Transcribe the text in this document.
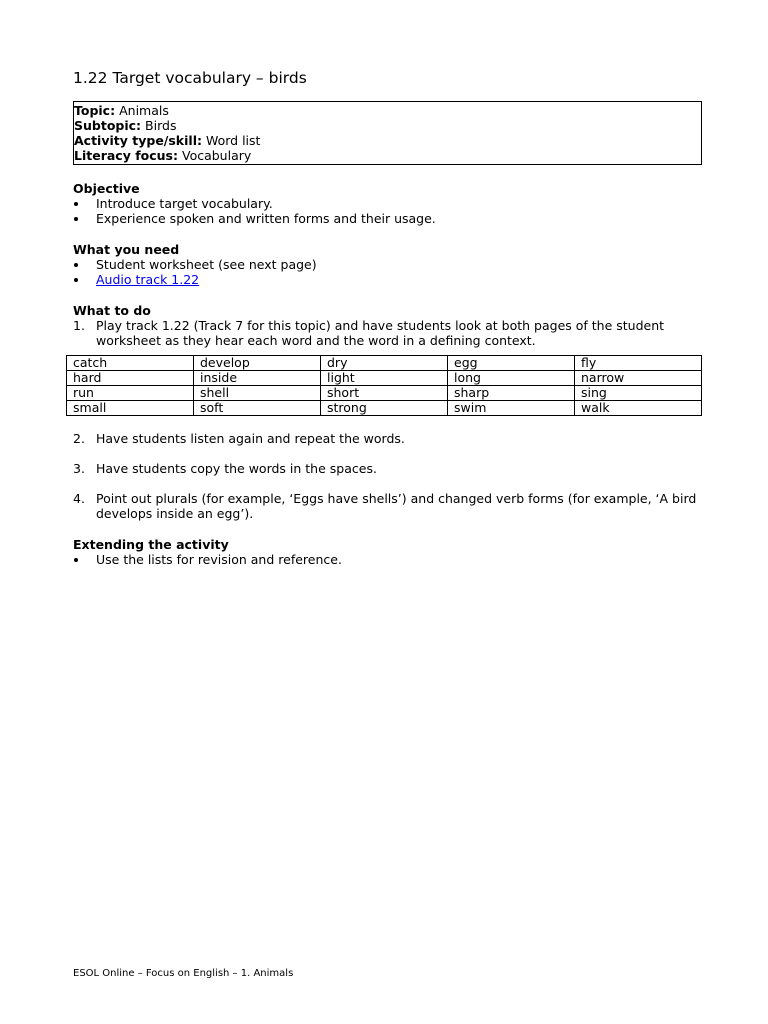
1.22 Target vocabulary – birds
Topic: Animals
Subtopic: Birds
Activity type/skill: Word list
Literacy focus: Vocabulary
Objective
Introduce target vocabulary.
Experience spoken and written forms and their usage.
What you need
Student worksheet (see next page)
Audio track 1.22
What to do
1. Play track 1.22 (Track 7 for this topic) and have students look at both pages of the student worksheet as they hear each word and the word in a defining context.
catch	develop	dry	egg	fly
hard	inside	light	long	narrow
run	shell	short	sharp	sing
small	soft	strong	swim	walk
2. Have students listen again and repeat the words.
3. Have students copy the words in the spaces.
4. Point out plurals (for example, ‘Eggs have shells’) and changed verb forms (for example, ‘A bird develops inside an egg’).
Extending the activity
Use the lists for revision and reference.
ESOL Online – Focus on English – 1. Animals
